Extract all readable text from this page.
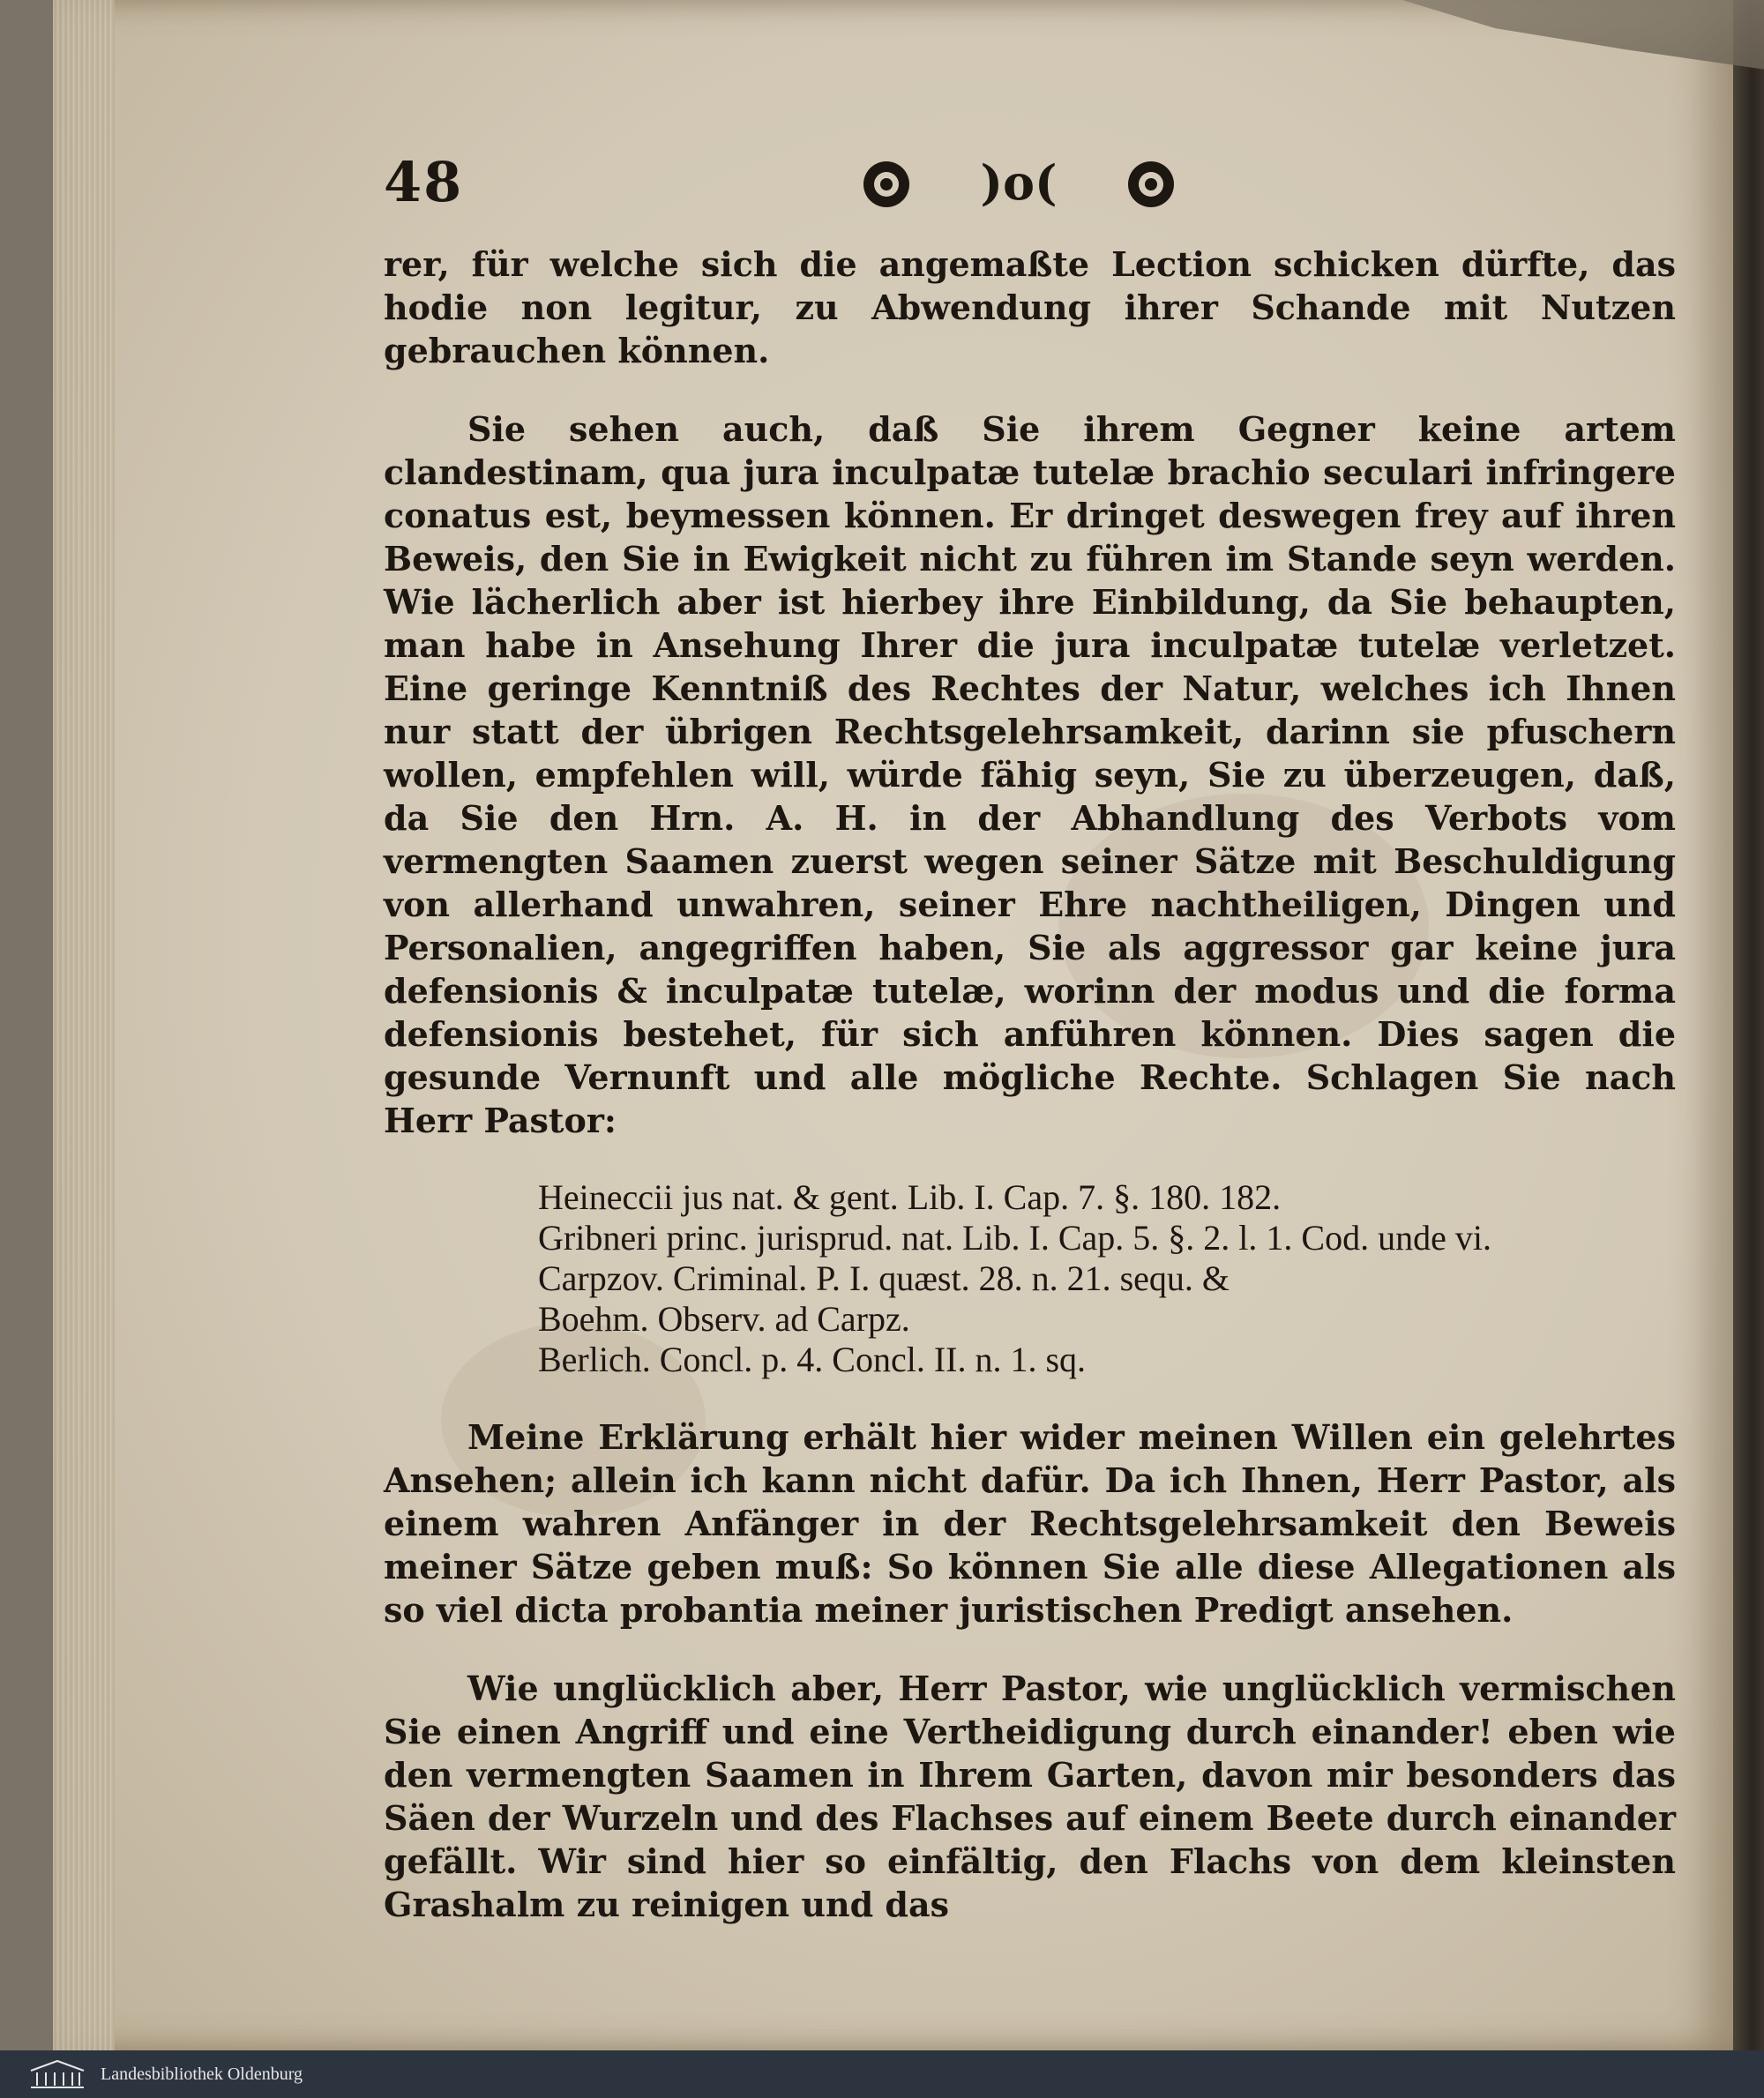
48	)o(

rer, für welche sich die angemaßte Lection schicken dürfte, das hodie non legitur, zu Abwendung ihrer Schande mit Nutzen gebrauchen können.

Sie sehen auch, daß Sie ihrem Gegner keine artem clandestinam, qua jura inculpatæ tutelæ brachio seculari infringere conatus est, beymessen können. Er dringet deswegen frey auf ihren Beweis, den Sie in Ewigkeit nicht zu führen im Stande seyn werden. Wie lächerlich aber ist hierbey ihre Einbildung, da Sie behaupten, man habe in Ansehung Ihrer die jura inculpatæ tutelæ verletzet. Eine geringe Kenntniß des Rechtes der Natur, welches ich Ihnen nur statt der übrigen Rechtsgelehrsamkeit, darinn sie pfuschern wollen, empfehlen will, würde fähig seyn, Sie zu überzeugen, daß, da Sie den Hrn. A. H. in der Abhandlung des Verbots vom vermengten Saamen zuerst wegen seiner Sätze mit Beschuldigung von allerhand unwahren, seiner Ehre nachtheiligen, Dingen und Personalien, angegriffen haben, Sie als aggressor gar keine jura defensionis & inculpatæ tutelæ, worinn der modus und die forma defensionis bestehet, für sich anführen können. Dies sagen die gesunde Vernunft und alle mögliche Rechte. Schlagen Sie nach Herr Pastor:

Heineccii jus nat. & gent. Lib. I. Cap. 7. §. 180. 182.
Gribneri princ. jurisprud. nat. Lib. I. Cap. 5. §. 2. l. 1. Cod. unde vi.
Carpzov. Criminal. P. I. quæst. 28. n. 21. sequ. &
Boehm. Observ. ad Carpz.
Berlich. Concl. p. 4. Concl. II. n. 1. sq.

Meine Erklärung erhält hier wider meinen Willen ein gelehrtes Ansehen; allein ich kann nicht dafür. Da ich Ihnen, Herr Pastor, als einem wahren Anfänger in der Rechtsgelehrsamkeit den Beweis meiner Sätze geben muß: So können Sie alle diese Allegationen als so viel dicta probantia meiner juristischen Predigt ansehen.

Wie unglücklich aber, Herr Pastor, wie unglücklich vermischen Sie einen Angriff und eine Vertheidigung durch einander! eben wie den vermengten Saamen in Ihrem Garten, davon mir besonders das Säen der Wurzeln und des Flachses auf einem Beete durch einander gefällt. Wir sind hier so einfältig, den Flachs von dem kleinsten Grashalm zu reinigen und das

Landesbibliothek Oldenburg
